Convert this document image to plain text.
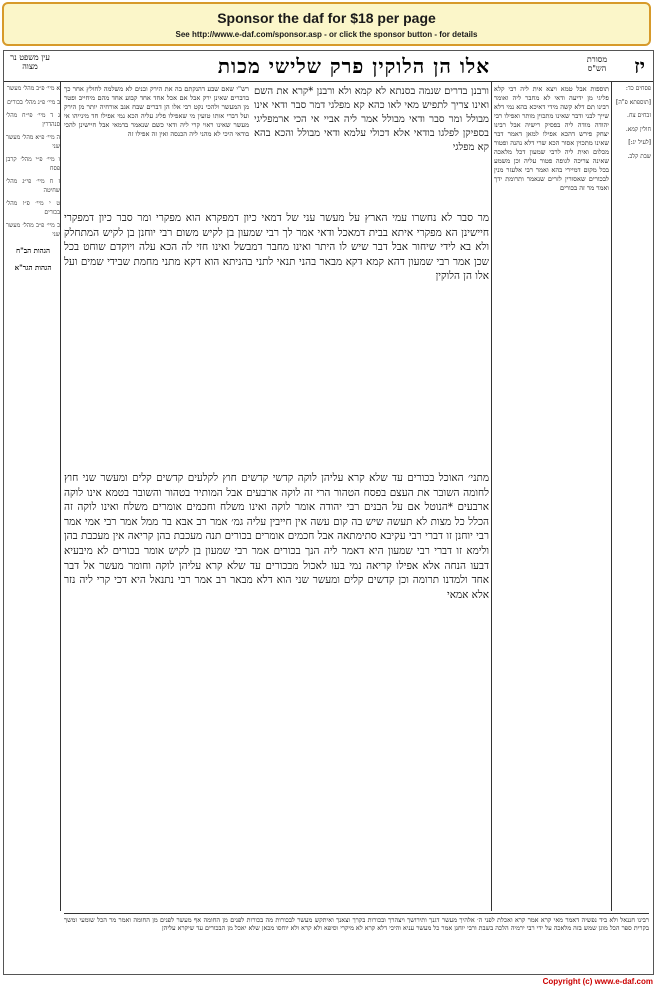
Sponsor the daf for $18 per page
See http://www.e-daf.com/sponsor.asp - or click the sponsor button - for details
עין משפט נר מצוה	אלו הן הלוקין פרק שלישי מכות	מסורת הש"ס	יז
א מיי׳ פ״ב מהל׳ מעשר
ב מיי׳ פ״ג מהל׳ בכורים
ג ד מיי׳ פי״ח מהל׳ סנהדרין
ה מיי׳ פ״א מהל׳ מעשר שני
ו מיי׳ פ״י מהל׳ קרבן פסח
ז ח מיי׳ פי״ג מהל׳ שחיטה
ט י מיי׳ פ״ו מהל׳ בכורים
כ מיי׳ פ״ב מהל׳ מעשר שני
הגהות הב"ח
הגהות הגר"א
רש"י שאם שבע דהנקתם בה את הירק ובנים לא משלמה לחולץ אחר כך בדברים שאינן ירק אבל אם אכל אחד אחד קבוע אחד מהם מיחייב ופטר מן המעשר ולהכי נקט רבי אלו הן דברים שבח אגב אורחיה יותר מן הירק ועל דברי אותו טועין מי שאפילו פליג עליה הכא נמי אפילו חד מינייהו אי מעשר שאינו ראוי קרי ליה ודאי כשם שנאמר בדמאי אבל חיישינן להכי בודאי היכי לא מהני ליה הכנסה ואין זה אפילו זה
ורבנן בדרים שנמה בסנתא לא קמא ולא ורבנן *קרא את השם ואינו צריך לתפיש מאי לאו כהא קא מפלגי דמר סבר ודאי אינו מבולל ומר סבר ודאי מבולל אמר ליה אביי אי הכי ארמפליגי בספיקן לפלגו בודאי אלא דכולי עלמא ודאי מבולל והכא בהא קא מפלגי
מר סבר לא נחשרו עמי הארץ על מעשר עני של דמאי כיון דמפקרא הוא מפקרי ומר סבר כיון דמפקרי חיישינן הא מפקרי איתא בבית דמאכל ודאי אמר לך רבי שמעון בן לקיש משום רבי יוחנן בן לקיש המתחלק ולא בא לידי שיחור אבל דבר שיש לו היתר ואינו מחבר דמבשל ואינו חזי לה הכא עלה ויוקדם שוחט בכל שכן אמר רבי שמעון דהא קמא דקא מבאר בהני תנאי לתני בהניתא הוא דקא מתני מחמת שבידי שמים ועל אלו הן הלוקין
מתני׳ האוכל בכורים עד שלא קרא עליהן לוקה קדשי קדשים חוץ לקלעים קדשים קלים ומעשר שני חוץ לחומה השובר את העצם בפסח הטהור הרי זה לוקה ארבעים אבל המותיר בטהור והשובר בטמא אינו לוקה ארבעים *הנוטל אם על הבנים רבי יהודה אומר לוקה ואינו משלח וחכמים אומרים משלח ואינו לוקה זה הכלל כל מצות לא תעשה שיש בה קום עשה אין חייבין עליה גמ׳ אמר רב אבא בר ממל אמר רבי אמי אמר רבי יוחנן זו דברי רבי עקיבא סתימתאה אבל חכמים אומרים בכורים תנה מעכבת בהן קריאה אין מעכבת בהן ולימא זו דברי רבי שמעון היא דאמר ליה הנך בכורים אמר רבי שמעון בן לקיש אומר בכורים לא מיבעיא דבעו הנחה אלא אפילו קריאה נמי בעו לאכול מבכורים עד שלא קרא עליהן לוקה וחומר מעשר אל דבר אחד ולמדנו תרומה וכן קדשים קלים ומעשר שני הוא דלא מבאר רב אמר רבי נתנאל היא דכי קרי ליה נזר אלא אמאי
תוספות אבל טמא ויצא אית ליה רבי קלא פליגי מן ידיעה ודאי לא מחבר ליה ואומר רבינו תם דלא קשה מידי דאיכא בהא נמי דלא שייך לבני ודבר שאינו מתכוין מותר ואפילו רבי יהודה מודה ליה בפסיק רישיה אבל רבינו יצחק פירש דהכא אפילו למאן דאמר דבר שאינו מתכוין אסור הכא שרי דלא נהנה ופטור מכלום ואית ליה לרבי שמעון דכל מלאכה שאינה צריכה לגופה פטור עליה וכן משמע בכל מקום דמיירי בהא ואמר רבי אלעזר מנין לבכורים שאסורין לזרים שנאמר ותרומת ידך ואמר מר זה בכורים
פסחים כד:
[תוספתא פ"ה]
זבחים צח.
חולין קמא.
[לעיל יג:]
שבת קלב.
רבינו חננאל ולא ביד נפשיה דאמר מאי קרא אמר קרא ואכלת לפני ה׳ אלהיך מעשר דגנך ותירושך ויצהרך ובכורות בקרך וצאנך ואיתקש מעשר לבכורות מה בכורות לפנים מן החומה אף מעשר לפנים מן החומה ואמר מר הכל שומעי ומשך בקרית ספר הכל מוגן שמש בזה מלאכה על ידי רבי ירמיה הלכה בשבת ורבי יוחנן אמר כל מעשר עניא והיכי דלא קרא לא מיקרי וסיפא ולא קרא ולא יוחסו מכאן שלא יאכל מן הבכורים עד שיקרא עליהן
Copyright (c) www.e-daf.com
